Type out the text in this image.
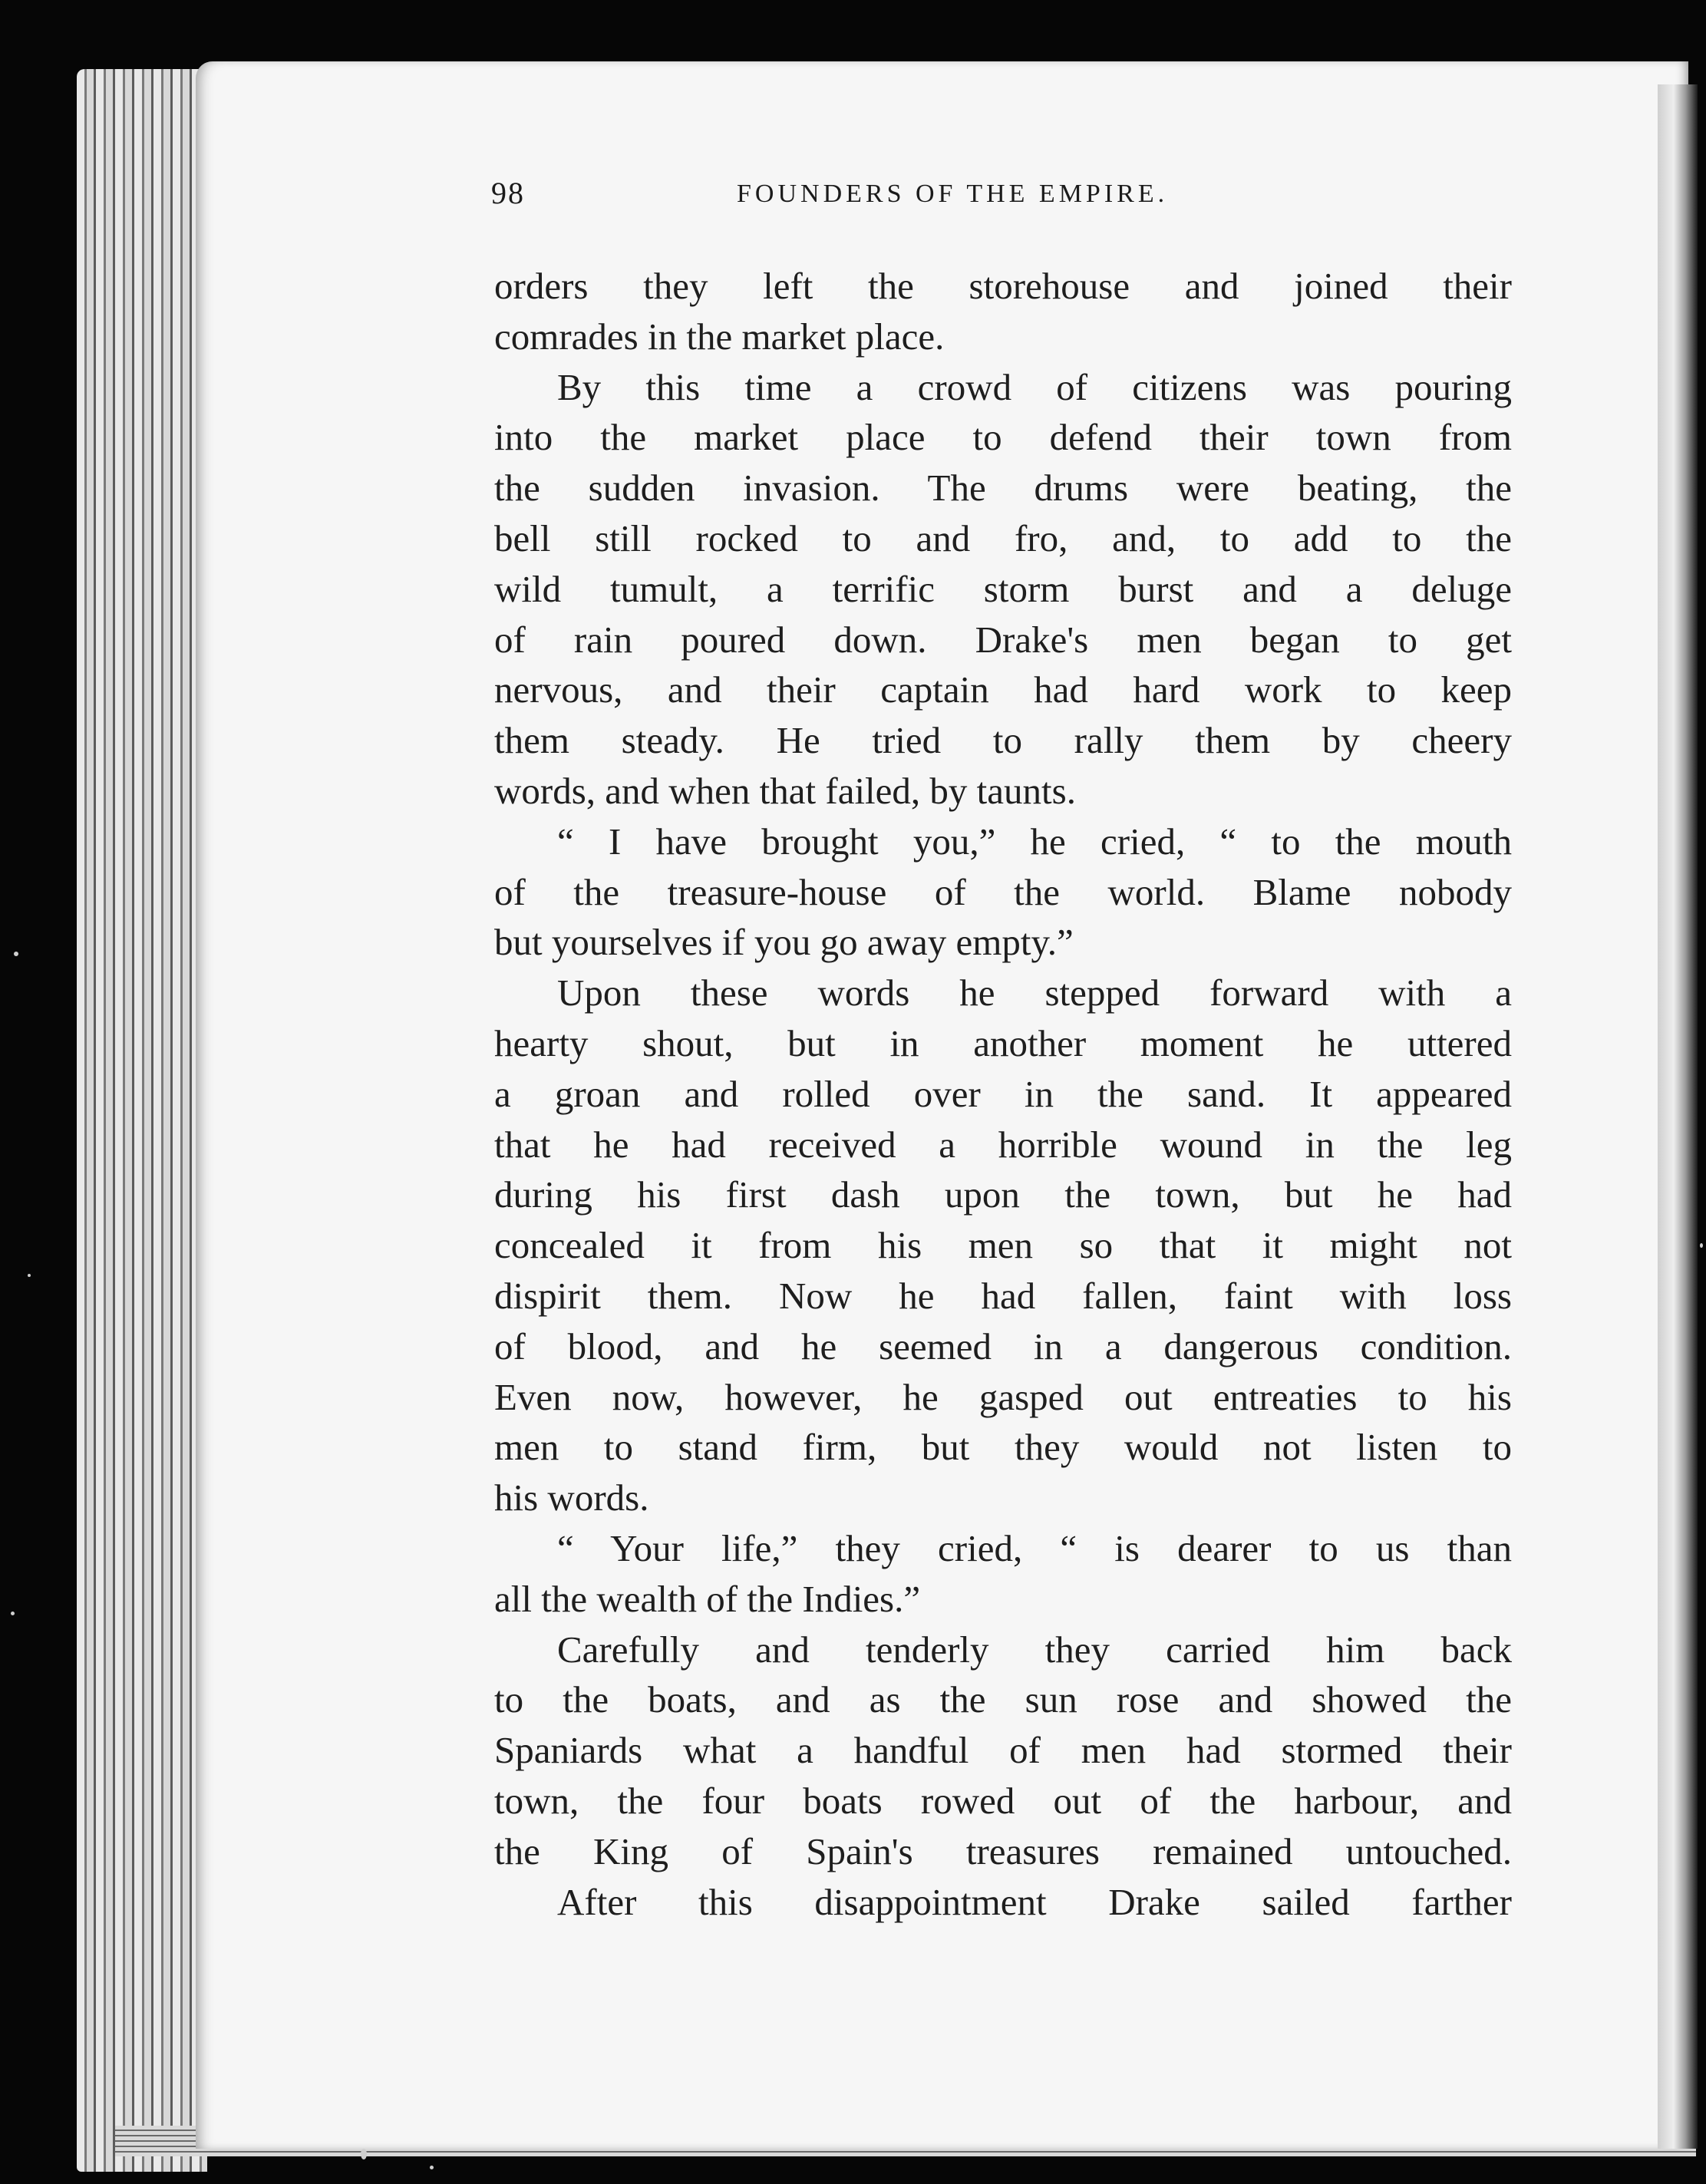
98	FOUNDERS OF THE EMPIRE.
orders they left the storehouse and joined their
comrades in the market place.
By this time a crowd of citizens was pouring
into the market place to defend their town from
the sudden invasion. The drums were beating, the
bell still rocked to and fro, and, to add to the
wild tumult, a terrific storm burst and a deluge
of rain poured down. Drake's men began to get
nervous, and their captain had hard work to keep
them steady. He tried to rally them by cheery
words, and when that failed, by taunts.
“ I have brought you,” he cried, “ to the mouth
of the treasure-house of the world. Blame nobody
but yourselves if you go away empty.”
Upon these words he stepped forward with a
hearty shout, but in another moment he uttered
a groan and rolled over in the sand. It appeared
that he had received a horrible wound in the leg
during his first dash upon the town, but he had
concealed it from his men so that it might not
dispirit them. Now he had fallen, faint with loss
of blood, and he seemed in a dangerous condition.
Even now, however, he gasped out entreaties to his
men to stand firm, but they would not listen to
his words.
“ Your life,” they cried, “ is dearer to us than
all the wealth of the Indies.”
Carefully and tenderly they carried him back
to the boats, and as the sun rose and showed the
Spaniards what a handful of men had stormed their
town, the four boats rowed out of the harbour, and
the King of Spain's treasures remained untouched.
After this disappointment Drake sailed farther
